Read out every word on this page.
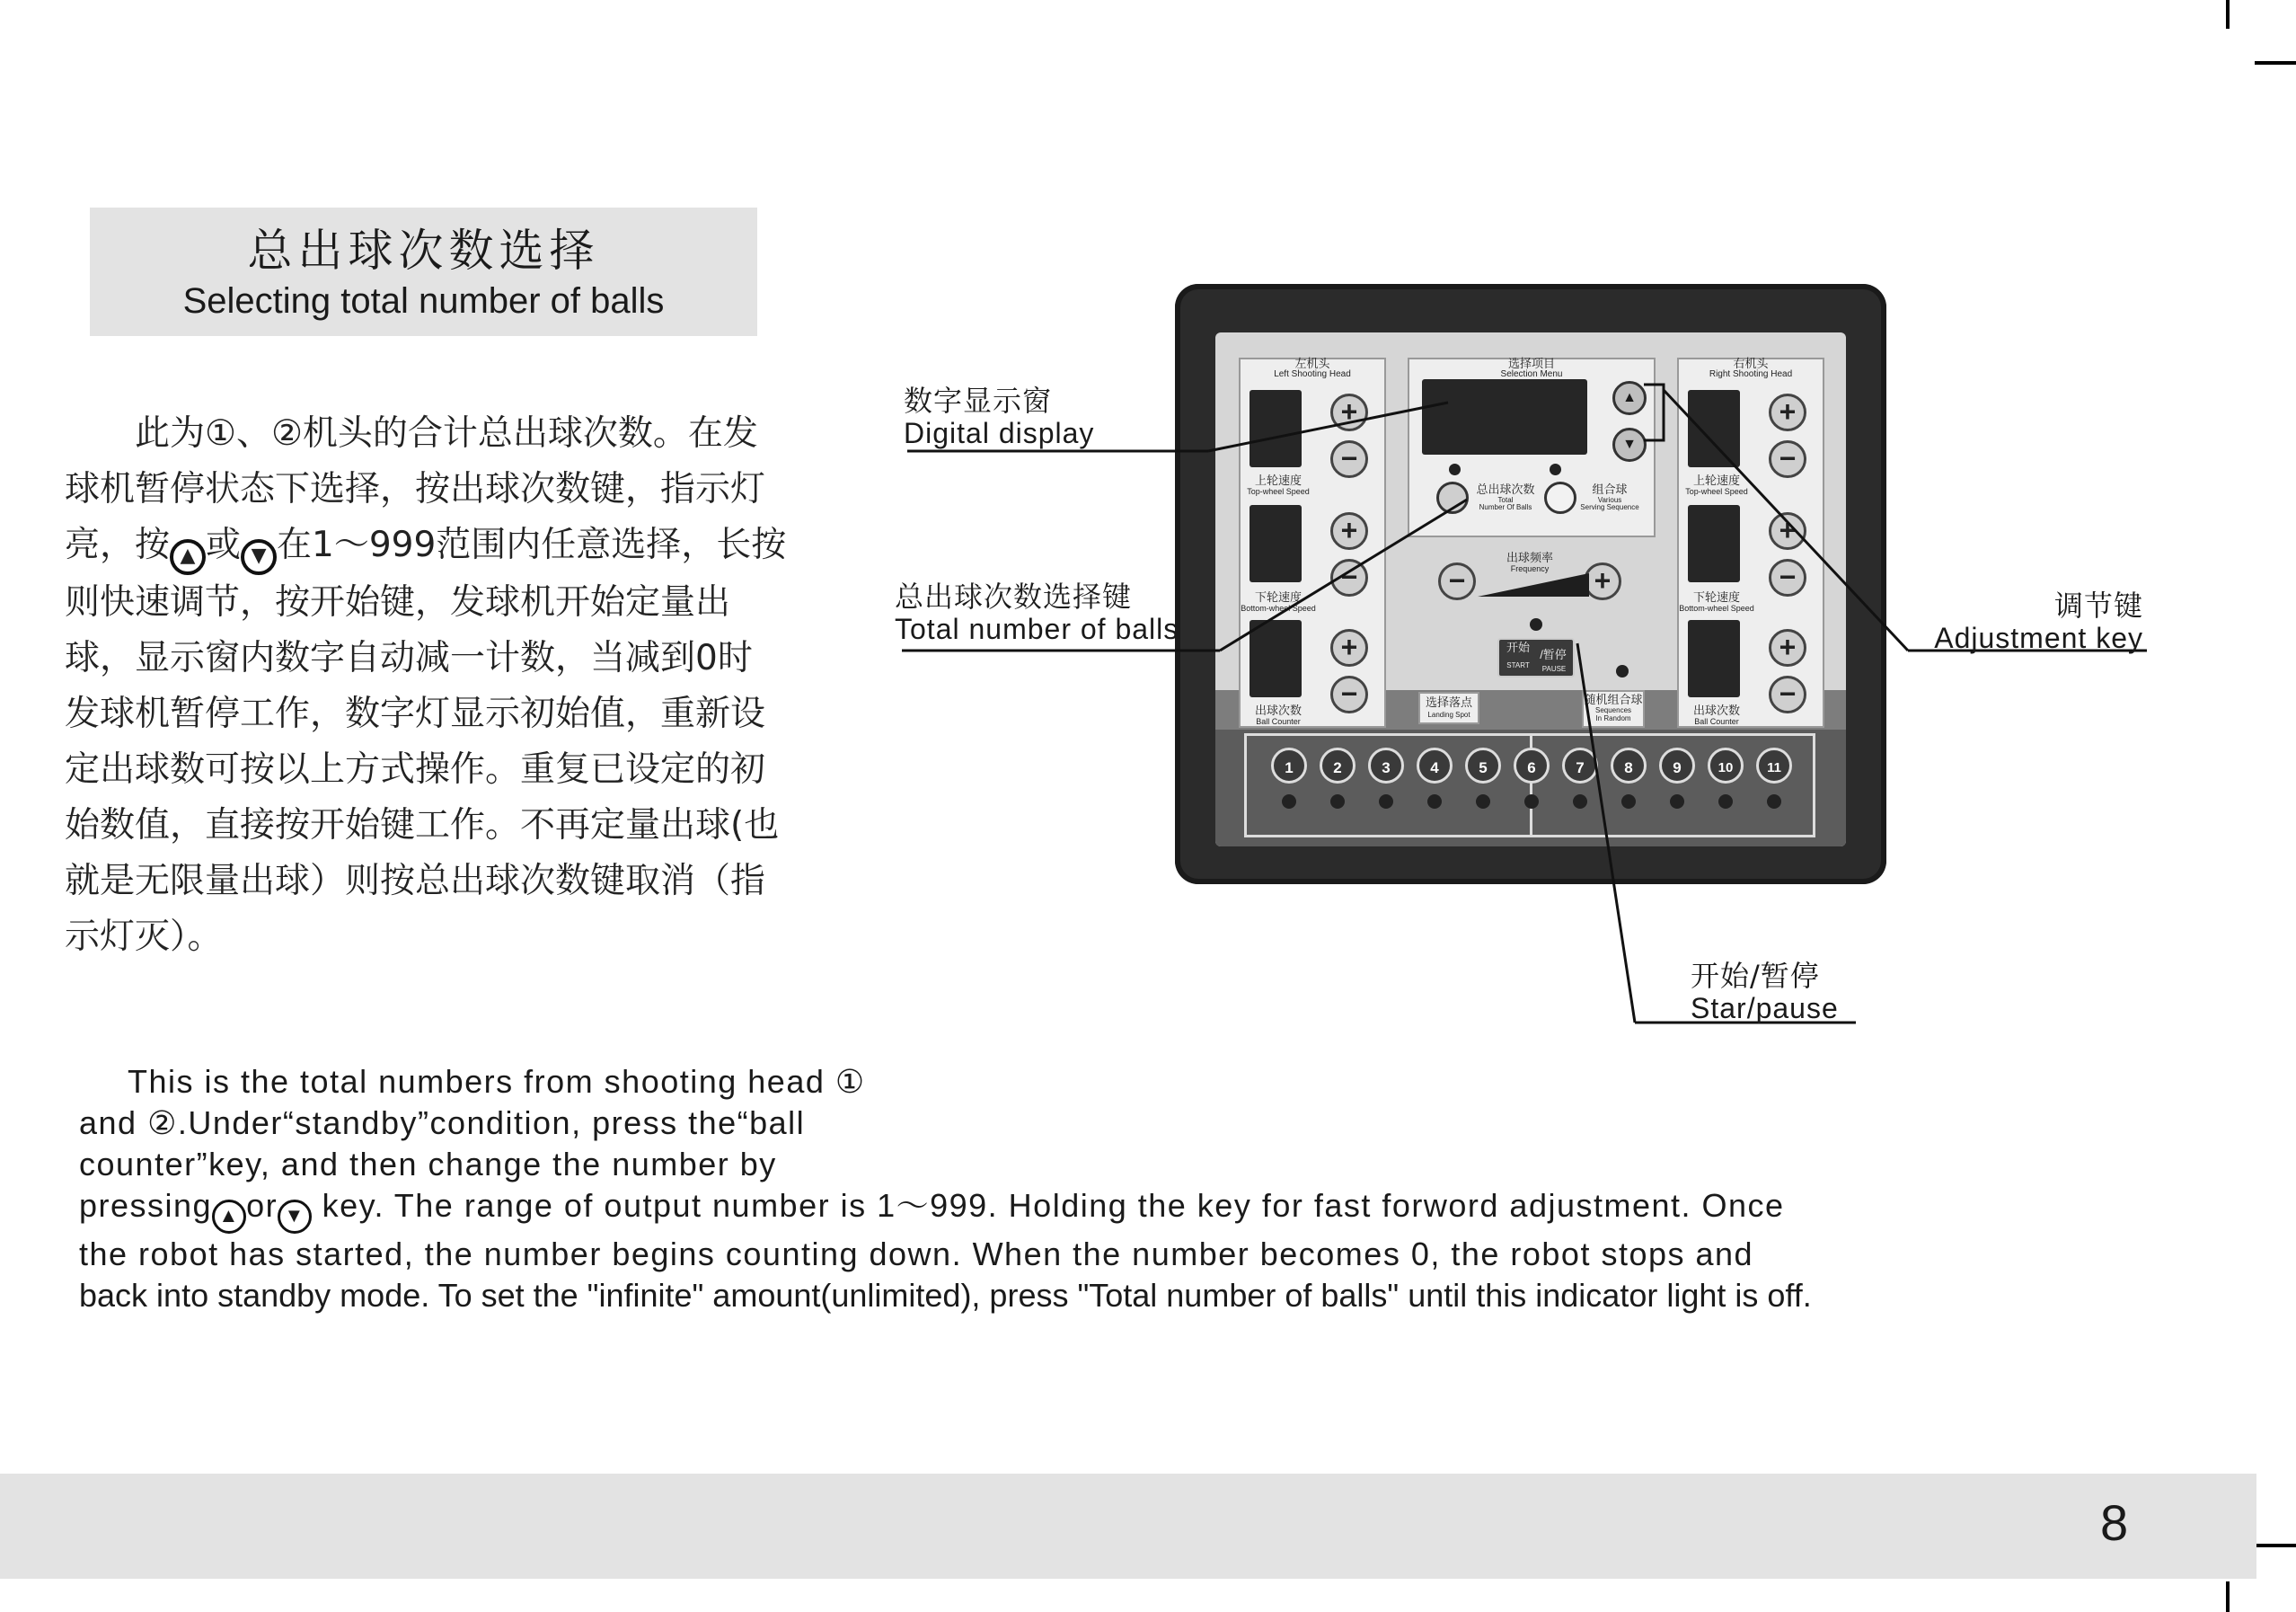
总出球次数选择
Selecting total number of balls

此为①、②机头的合计总出球次数。在发

球机暂停状态下选择，按出球次数键，指示灯

亮，按 ▲ 或 ▼ 在1～999范围内任意选择，长按

则快速调节，按开始键，发球机开始定量出

球，显示窗内数字自动减一计数，当减到0时

发球机暂停工作，数字灯显示初始值，重新设

定出球数可按以上方式操作。重复已设定的初

始数值，直接按开始键工作。不再定量出球(也

就是无限量出球）则按总出球次数键取消（指

示灯灭）。

This is the total numbers from shooting head ①
and ②.Under“standby”condition, press the“ball
counter”key, and then change the number by
pressing ▲ or ▼ key. The range of output number is 1～999. Holding the key for fast forword adjustment. Once
the robot has started, the number begins counting down. When the number becomes 0, the robot stops and
back into standby mode. To set the "infinite" amount(unlimited), press "Total number of balls" until this indicator light is off.
左机头
Left Shooting Head
上轮速度
Top-wheel Speed
下轮速度
Bottom-wheel Speed
出球次数
Ball Counter
+
−
+
−
+
−
右机头
Right Shooting Head
上轮速度
Top-wheel Speed
下轮速度
Bottom-wheel Speed
出球次数
Ball Counter
+
−
+
−
+
−
选择项目
Selection Menu
▲
▼
总出球次数
Total
Number Of Balls
组合球
Various
Serving Sequence
出球频率
Frequency
−	+
开始
/暂停
START	PAUSE
选择落点
Landing Spot
随机组合球
Sequences
In Random
1	2	3	4	5	6	7	8	9	10	11
数字显示窗
Digital display
总出球次数选择键
Total number of balls
调节键
Adjustment key
开始/暂停
Star/pause
8
